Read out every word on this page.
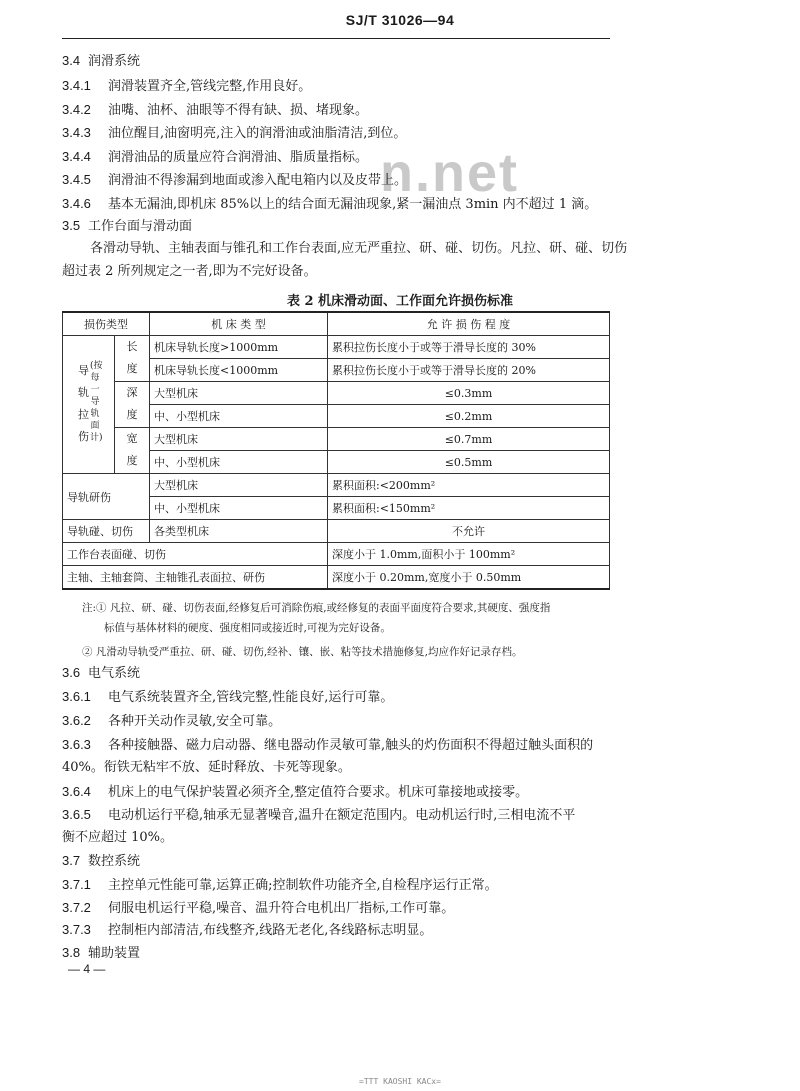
SJ/T 31026—94
n.net
3.4 润滑系统
3.4.1 润滑装置齐全,管线完整,作用良好。
3.4.2 油嘴、油杯、油眼等不得有缺、损、堵现象。
3.4.3 油位醒目,油窗明亮,注入的润滑油或油脂清洁,到位。
3.4.4 润滑油品的质量应符合润滑油、脂质量指标。
3.4.5 润滑油不得渗漏到地面或渗入配电箱内以及皮带上。
3.4.6 基本无漏油,即机床 85%以上的结合面无漏油现象,紧一漏油点 3min 内不超过 1 滴。
3.5 工作台面与滑动面
各滑动导轨、主轴表面与锥孔和工作台表面,应无严重拉、研、碰、切伤。凡拉、研、碰、切伤
超过表 2 所列规定之一者,即为不完好设备。
表 2 机床滑动面、工作面允许损伤标准
损伤类型		机 床 类 型	允 许 损 伤 程 度
导轨拉伤(按每一导轨面计)	长度	机床导轨长度>1000mm	累积拉伤长度小于或等于滑导长度的 30%
		机床导轨长度<1000mm	累积拉伤长度小于或等于滑导长度的 20%
	深度	大型机床	≤0.3mm
		中、小型机床	≤0.2mm
	宽度	大型机床	≤0.7mm
		中、小型机床	≤0.5mm
导轨研伤		大型机床	累积面积:<200mm²
		中、小型机床	累积面积:<150mm²
导轨碰、切伤		各类型机床	不允许
工作台表面碰、切伤			深度小于 1.0mm,面积小于 100mm²
主轴、主轴套筒、主轴锥孔表面拉、研伤			深度小于 0.20mm,宽度小于 0.50mm
注:① 凡拉、研、碰、切伤表面,经修复后可消除伤痕,或经修复的表面平面度符合要求,其硬度、强度指
标值与基体材料的硬度、强度相同或接近时,可视为完好设备。
② 凡滑动导轨受严重拉、研、碰、切伤,经补、镶、嵌、粘等技术措施修复,均应作好记录存档。
3.6 电气系统
3.6.1 电气系统装置齐全,管线完整,性能良好,运行可靠。
3.6.2 各种开关动作灵敏,安全可靠。
3.6.3 各种接触器、磁力启动器、继电器动作灵敏可靠,触头的灼伤面积不得超过触头面积的
40%。衔铁无粘牢不放、延时释放、卡死等现象。
3.6.4 机床上的电气保护装置必须齐全,整定值符合要求。机床可靠接地或接零。
3.6.5 电动机运行平稳,轴承无显著噪音,温升在额定范围内。电动机运行时,三相电流不平
衡不应超过 10%。
3.7 数控系统
3.7.1 主控单元性能可靠,运算正确;控制软件功能齐全,自检程序运行正常。
3.7.2 伺服电机运行平稳,噪音、温升符合电机出厂指标,工作可靠。
3.7.3 控制柜内部清洁,布线整齐,线路无老化,各线路标志明显。
3.8 辅助装置
— 4 —
=TTT KAOSHI KACx=
